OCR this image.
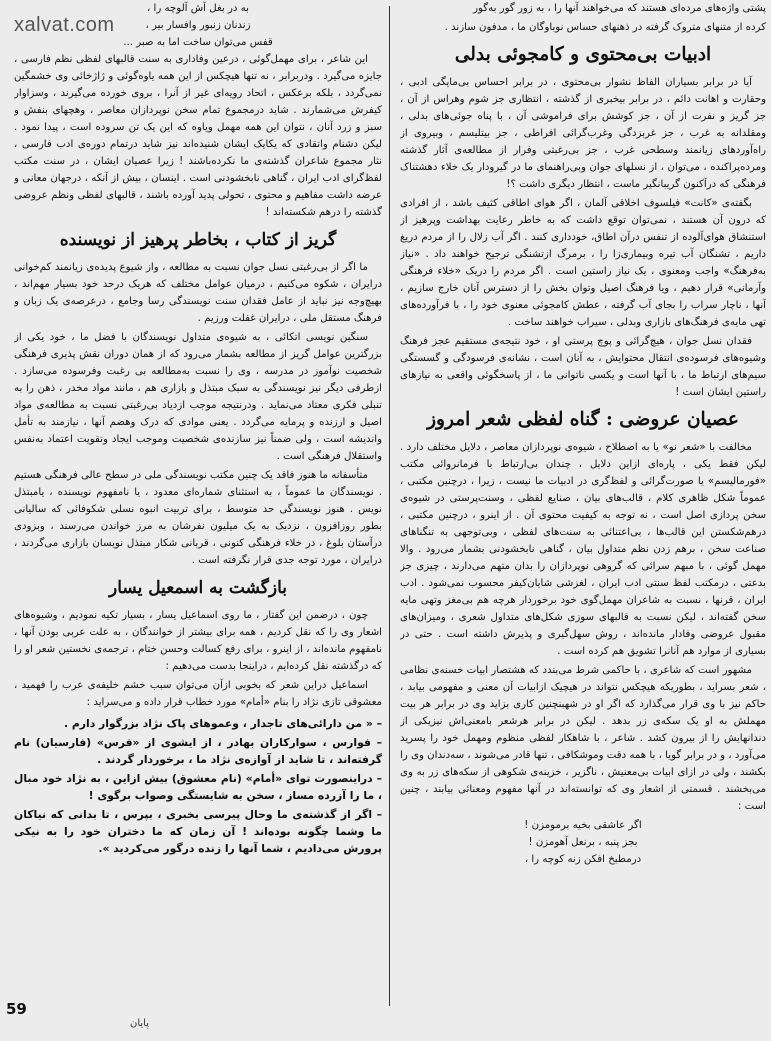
xalvat.com

پشتی واژه‌های مرده‌ای هستند که می‌خواهند آنها را ، به زور گور به‌گور

کرده از متنهای متروک گرفته در ذهنهای حساس نوباوگان ما ، مدفون سازند .

ادبیات بی‌محتوی و کامجوئی بدلی

آیا در برابر بسیاران الفاظ نشوار بی‌محتوی ، در برابر احساس بی‌مایگی ادبی ، وحقارت و اهانت دائم ، در برابر بیخبری از گذشته ، انتظاری جز شوم وهراس از آن ، جز گریز و نفرت از آن ، جز کوشش برای فراموشی آن ، با پناه جوئی‌های بدلی ، ومقلدانه به غرب ، جز غربزدگی وغرب‌گرائی افراطی ، جز بیتلیسم ، وبیروی از راه‌آوردهای زیانمند وسطحی غرب ، جز بی‌رغبتی وفرار از مطالعه‌ی آثار گذشته ومرده‌پراکنده ، می‌توان ، از نسلهای جوان وبی‌راهنمای ما در گیرودار یک خلاء دهشتناک فرهنگی که درآکنون گریبانگیر ماست ، انتظار دیگری داشت ؟!

بگفته‌ی «کانت» فیلسوف اخلاقی آلمان ، اگر هوای اطاقی کثیف باشد ، از افرادی که درون آن هستند ، نمی‌توان توقع داشت که به خاطر رعایت بهداشت وپرهیز از استنشاق هوای‌آلوده از تنفس در‌آن اطاق، خودداری کنند . اگر آب زلال را از مردم دریغ داریم ، تشنگان آب تیره وبیماری‌زا را ، برمرگ ازتشنگی ترجیح خواهند داد . «نیاز به‌فرهنگ» واجب ومعنوی ، یک نیاز راستین است . اگر مردم را دریک «خلاء فرهنگی وآرمانی» قرار دهیم ، ویا فرهنگ اصیل وتوان بخش را از دسترس آنان خارج سازیم ، آنها ، ناچار سراب را بجای آب گرفته ، عطش کامجوئی معنوی خود را ، با فرآورده‌های تهی مایه‌ی فرهنگ‌های بازاری وبدلی ، سیراب خواهند ساخت .

فقدان نسل جوان ، هیچ‌گرائی و پوچ پرستی او ، خود نتیجه‌ی مستقیم عجز فرهنگ وشیوه‌های فرسوده‌ی انتقال محتوایش ، به آنان است ، نشانه‌ی فرسودگی و گسستگی سیم‌های ارتباط ما ، با آنها است و یکسی ناتوانی ما ، از پاسخگوئی واقعی به نیازهای راستین ایشان است !

عصیان عروضی : گناه لفظی شعر امروز

مخالفت با «شعر نو» یا به اصطلاح ، شیوه‌ی نوپردازان معاصر ، دلایل مختلف دارد . لیکن فقط یکی ، پاره‌ای ازاین دلایل ، چندان بی‌ارتباط با فرمانروائی مکتب «فورمالیسم» یا صورت‌گرائی و لفظ‌گری در ادبیات ما نیست ، زیرا ، درچنین مکتبی ، عموماً شکل ظاهری کلام ، قالب‌های بیان ، صنایع لفظی ، وسنت‌پرستی در شیوه‌ی سخن پردازی اصل است ، نه توجه به کیفیت محتوی آن . از اینرو ، درچنین مکتبی ، درهم‌شکستن این قالب‌ها ، بی‌اعتنائی به سنت‌های لفظی ، وبی‌توجهی به تنگناهای صناعت سخن ، برهم زدن نظم متداول بیان ، گناهی نابخشودنی بشمار می‌رود . والا مهمل گوئی ، با مبهم سرائی که گروهی نوپردازان را بدان متهم می‌دارند ، چیزی جز بدعتی ، درمکتب لفظ سنتی ادب ایران ، لغزشی شایان‌کیفر محسوب نمی‌شود . ادب ایران ، قرنها ، نسبت به شاعران مهمل‌گوی خود برخوردار هرچه هم بی‌مغز وتهی مایه سخن گفته‌اند ، لیکن نسبت به قالبهای سوزی شکل‌های متداول شعری ، ومیزان‌های مقبول عروضی وفادار مانده‌اند ، روش سهل‌گیری و پذیرش داشته است . حتی در بسیاری از موارد هم آنانرا تشویق هم کرده است .

مشهور است که شاعری ، با حاکمی شرط می‌بندد که هشتصار ابیات خسنه‌ی نظامی ، شعر بسراید ، بطوریکه هیچکس نتواند در هیچیک ازابیات آن معنی و مفهومی بیابد ، حاکم نیز با وی قرار می‌گذارد که اگر او در شهبنچنین کاری بزاید وی در برابر هر بیت مهملش به او یک سکه‌ی زر بدهد . لیکن در برابر هرشعر بامعنی‌اش نیزیکی از دندانهایش را از بیرون کشد . شاعر ، با شاهکار لفظی منظوم ومهمل خود را پسرید می‌آورد ، و در برابر گویا ، با همه دقت وموشکافی ، تنها قادر می‌شوند ، سه‌دندان وی را بکشند ، ولی در ازای ابیات بی‌معنیش ، ناگزیر ، خزینه‌ی شکوهی از سکه‌های زر به وی می‌بخشند . قسمتی از اشعار وی که توانسته‌اند در آنها مفهوم ومعنائی بیابند ، چنین است :

اگر عاشقی بخیه برمومزن !

بجز پنبه ، برنعل آهومزن !

درمطبخ افکن زنه کوچه را ،

به در بغل آش آلوچه را ،

زندنان زنبور وافسار بیر ،

قفس می‌توان ساخت اما به صبر ...

این شاعر ، برای مهمل‌گوئی ، درعین وفاداری به سنت قالبهای لفظی نظم فارسی ، جایزه می‌گیرد . ودربرابر ، نه تنها هیچکس از این همه یاوه‌گوئی و ژاژخائی وی خشمگین نمی‌گردد ، بلکه برعکس ، اتحاد رویه‌ای غیر از آنرا ، بروی خورده می‌گیرند ، وسزاوار کیفرش می‌شمارند . شاید درمجموع تمام سخن نوپردازان معاصر ، وهچهای بنفش و سبز و زرد آنان ، نتوان این همه مهمل ویاوه که این یک تن سروده است ، پیدا نمود . لیکن دشنام واتقادی که یکایک ایشان شنیده‌اند نیز شاید درتمام دوره‌ی ادب فارسی ، نثار مجموع شاعران گذشته‌ی ما نکرده‌باشند ! زیرا عصیان ایشان ، در سنت مکتب لفظ‌گرای ادب ایران ، گناهی نابخشودنی است . اینسان ، بیش از آنکه ، درجهان معانی و عرضه داشت مفاهیم و محتوی ، تحولی پدید آورده باشند ، قالبهای لفظی ونظم عروضی گذشته را درهم شکسته‌اند !

گریز از کتاب ، بخاطر پرهیز از نویسنده

ما اگر از بی‌رغبتی نسل جوان نسبت به مطالعه ، واز شیوع پدیده‌ی زیانمند کم‌خوانی درایران ، شکوه می‌کنیم ، درمیان عوامل مختلف که هریک درحد خود بسیار مهم‌اند ، بهیچ‌وجه نیز نباید از عامل فقدان سنت نویسندگی رسا وجامع ، درعرصه‌ی یک زبان و فرهنگ مستقل ملی ، درایران غفلت ورزیم .

سنگین نویسی اتکائی ، به شیوه‌ی متداول نویسندگان با فضل ما ، خود یکی از بزرگترین عوامل گریز از مطالعه بشمار می‌رود که از همان دوران نقش پذیری فرهنگی شخصیت نوآموز در مدرسه ، وی را نسبت به‌مطالعه بی رغبت وفرسوده می‌سازد . ازطرفی دیگر نیز نویسندگی به سبک مبتذل و بازاری هم ، مانند مواد مخدر ، ذهن را به تنبلی فکری معتاد می‌نماید . ودرنتیجه موجب ازدیاد بی‌رغبتی نسبت به مطالعه‌ی مواد اصیل و ارزنده و پرمایه می‌گردد . یعنی موادی که درک وهضم آنها ، نیازمند به تأمل واندیشه است ، ولی ضمناً نیز سازنده‌ی شخصیت وموجب ایجاد وتقویت اعتماد به‌نفس واستقلال فرهنگی است .

متأسفانه ما هنوز فاقد یک چنین مکتب نویسندگی ملی در سطح عالی فرهنگی هستیم . نویسندگان ما عموماً ، به استثنای شماره‌ای معدود ، یا نامفهوم نویسنده ، یامبتذل نویس . هنوز نویسندگی حد متوسط ، برای تربیت انبوه نسلی شکوفائی که سالیانی بطور روزافزون ، نزدیک به یک میلیون نفرشان به مرز خواندن می‌رسند ، وبزودی درآستان بلوغ ، در خلاء فرهنگی کنونی ، قربانی شکار مبتذل نویسان بازاری می‌گردند ، درایران ، مورد توجه جدی قرار نگرفته است .

بازگشت به اسمعیل یسار

چون ، درضمن این گفتار ، ما روی اسماعیل یسار ، بسیار تکیه نمودیم ، وشیوه‌های اشعار وی را که نقل کردیم ، همه برای بیشتر از خوانندگان ، به علت عربی بودن آنها ، نامفهوم مانده‌اند ، از اینرو ، برای رفع کسالت وحسن ختام ، ترجمه‌ی نخستین شعر او را که درگذشته نقل کرده‌ایم ، دراینجا بدست می‌دهیم :

اسماعیل دراین شعر که بخوبی ازآن می‌توان سبب خشم خلیفه‌ی عرب را فهمید ، معشوقی تازی نژاد را بنام «أمام» مورد خطاب قرار داده و می‌سراید :

– « من دارائی‌های تاجدار ، وعموهای پاک نژاد بزرگوار دارم .

– فوارس ، سوارکاران بهادر ، از ایشوی از «فرس» (فارسیان) نام گرفته‌اند ، تا شاید از آوازه‌ی نژاد ما ، برخوردار گردند .

– دراینصورت توای «أمام» (نام معشوق) بیش ازاین ، به نژاد خود مبال ، ما را آزرده مساز ، سخن به شایستگی وصواب برگوی !

– اگر از گذشته‌ی ما وحال پیرسی بخبری ، بپرس ، تا بدانی که نیاکان ما وشما چگونه بوده‌اند ! آن زمان که ما دختران خود را به نیکی پرورش می‌دادیم ، شما آنها را زنده درگور می‌کردید ».

پایان
59
